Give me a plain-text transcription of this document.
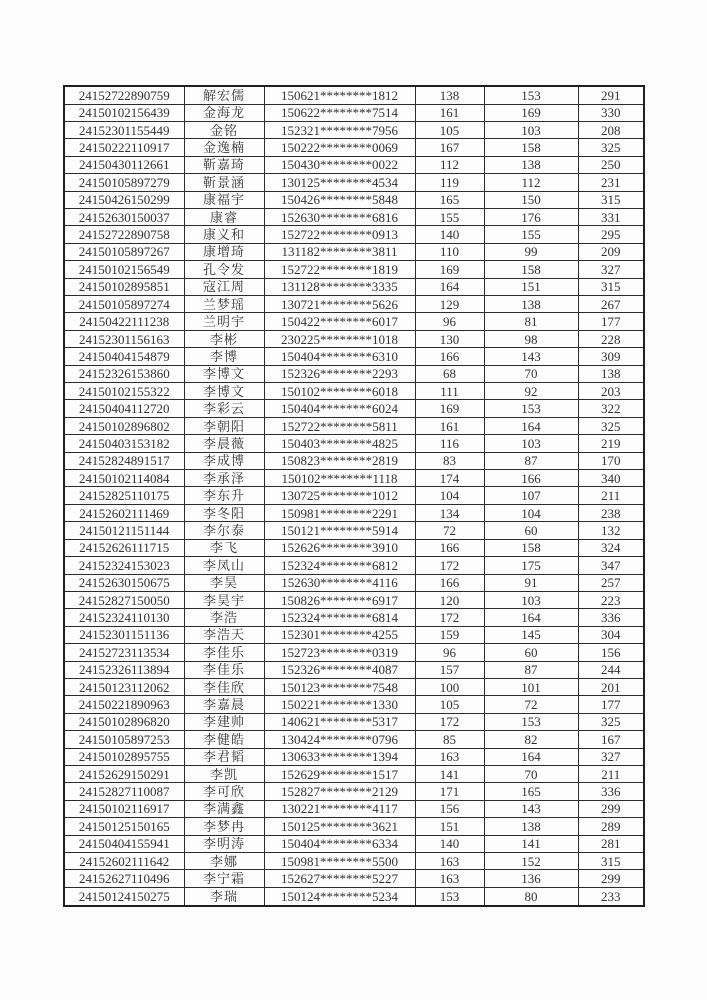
24152722890759	解宏儒	150621********1812	138	153	291
24150102156439	金海龙	150622********7514	161	169	330
24152301155449	金铭	152321********7956	105	103	208
24150222110917	金逸楠	150222********0069	167	158	325
24150430112661	靳嘉琦	150430********0022	112	138	250
24150105897279	靳景涵	130125********4534	119	112	231
24150426150299	康福宇	150426********5848	165	150	315
24152630150037	康睿	152630********6816	155	176	331
24152722890758	康义和	152722********0913	140	155	295
24150105897267	康增琦	131182********3811	110	99	209
24150102156549	孔令发	152722********1819	169	158	327
24150102895851	寇江周	131128********3335	164	151	315
24150105897274	兰梦瑶	130721********5626	129	138	267
24150422111238	兰明宇	150422********6017	96	81	177
24152301156163	李彬	230225********1018	130	98	228
24150404154879	李博	150404********6310	166	143	309
24152326153860	李博文	152326********2293	68	70	138
24150102155322	李博文	150102********6018	111	92	203
24150404112720	李彩云	150404********6024	169	153	322
24150102896802	李朝阳	152722********5811	161	164	325
24150403153182	李晨薇	150403********4825	116	103	219
24152824891517	李成博	150823********2819	83	87	170
24150102114084	李承泽	150102********1118	174	166	340
24152825110175	李东升	130725********1012	104	107	211
24152602111469	李冬阳	150981********2291	134	104	238
24150121151144	李尔泰	150121********5914	72	60	132
24152626111715	李飞	152626********3910	166	158	324
24152324153023	李凤山	152324********6812	172	175	347
24152630150675	李昊	152630********4116	166	91	257
24152827150050	李昊宇	150826********6917	120	103	223
24152324110130	李浩	152324********6814	172	164	336
24152301151136	李浩天	152301********4255	159	145	304
24152723113534	李佳乐	152723********0319	96	60	156
24152326113894	李佳乐	152326********4087	157	87	244
24150123112062	李佳欣	150123********7548	100	101	201
24150221890963	李嘉晨	150221********1330	105	72	177
24150102896820	李建帅	140621********5317	172	153	325
24150105897253	李健皓	130424********0796	85	82	167
24150102895755	李君韬	130633********1394	163	164	327
24152629150291	李凯	152629********1517	141	70	211
24152827110087	李可欣	152827********2129	171	165	336
24150102116917	李满鑫	130221********4117	156	143	299
24150125150165	李梦冉	150125********3621	151	138	289
24150404155941	李明涛	150404********6334	140	141	281
24152602111642	李娜	150981********5500	163	152	315
24152627110496	李宁霜	152627********5227	163	136	299
24150124150275	李瑞	150124********5234	153	80	233
